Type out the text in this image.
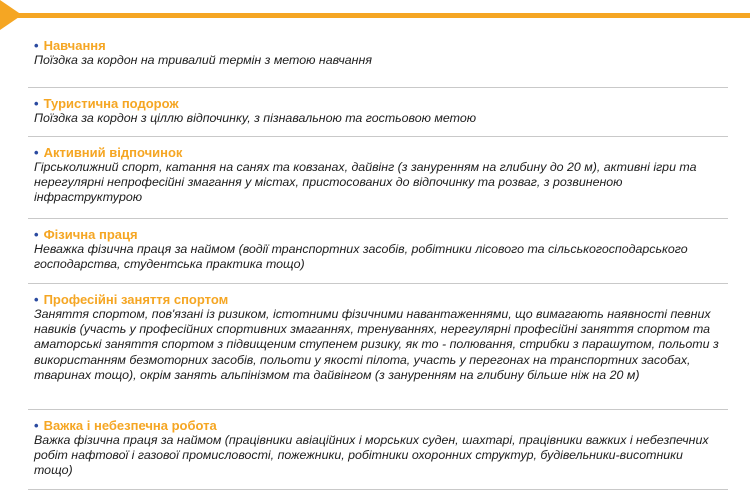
• Навчання
Поїздка за кордон на тривалий термін з метою навчання
• Туристична подорож
Поїздка за кордон з ціллю відпочинку, з пізнавальною та гостьовою метою
• Активний відпочинок
Гірськолижний спорт, катання на санях та ковзанах, дайвінг (з зануренням на глибину до 20 м), активні ігри та нерегулярні непрофесійні змагання у містах, пристосованих до відпочинку та розваг, з розвиненою інфраструктурою
• Фізична праця
Неважка фізична праця за наймом (водії транспортних засобів, робітники лісового та сільськогосподарського господарства, студентська практика тощо)
• Професійні заняття спортом
Заняття спортом, пов'язані із ризиком, істотними фізичними навантаженнями, що вимагають наявності певних навиків (участь у професійних спортивних змаганнях, тренуваннях, нерегулярні професійні заняття спортом та аматорські заняття спортом з підвищеним ступенем ризику, як то - полювання, стрибки з парашутом, польоти з використанням безмоторних засобів, польоти у якості пілота, участь у перегонах на транспортних засобах, тваринах тощо), окрім занять альпінізмом та дайвінгом (з зануренням на глибину більше ніж на 20 м)
• Важка і небезпечна робота
Важка фізична праця за наймом (працівники авіаційних і морських суден, шахтарі, працівники важких і небезпечних робіт нафтової і газової промисловості, пожежники, робітники охоронних структур, будівельники-висотники тощо)
